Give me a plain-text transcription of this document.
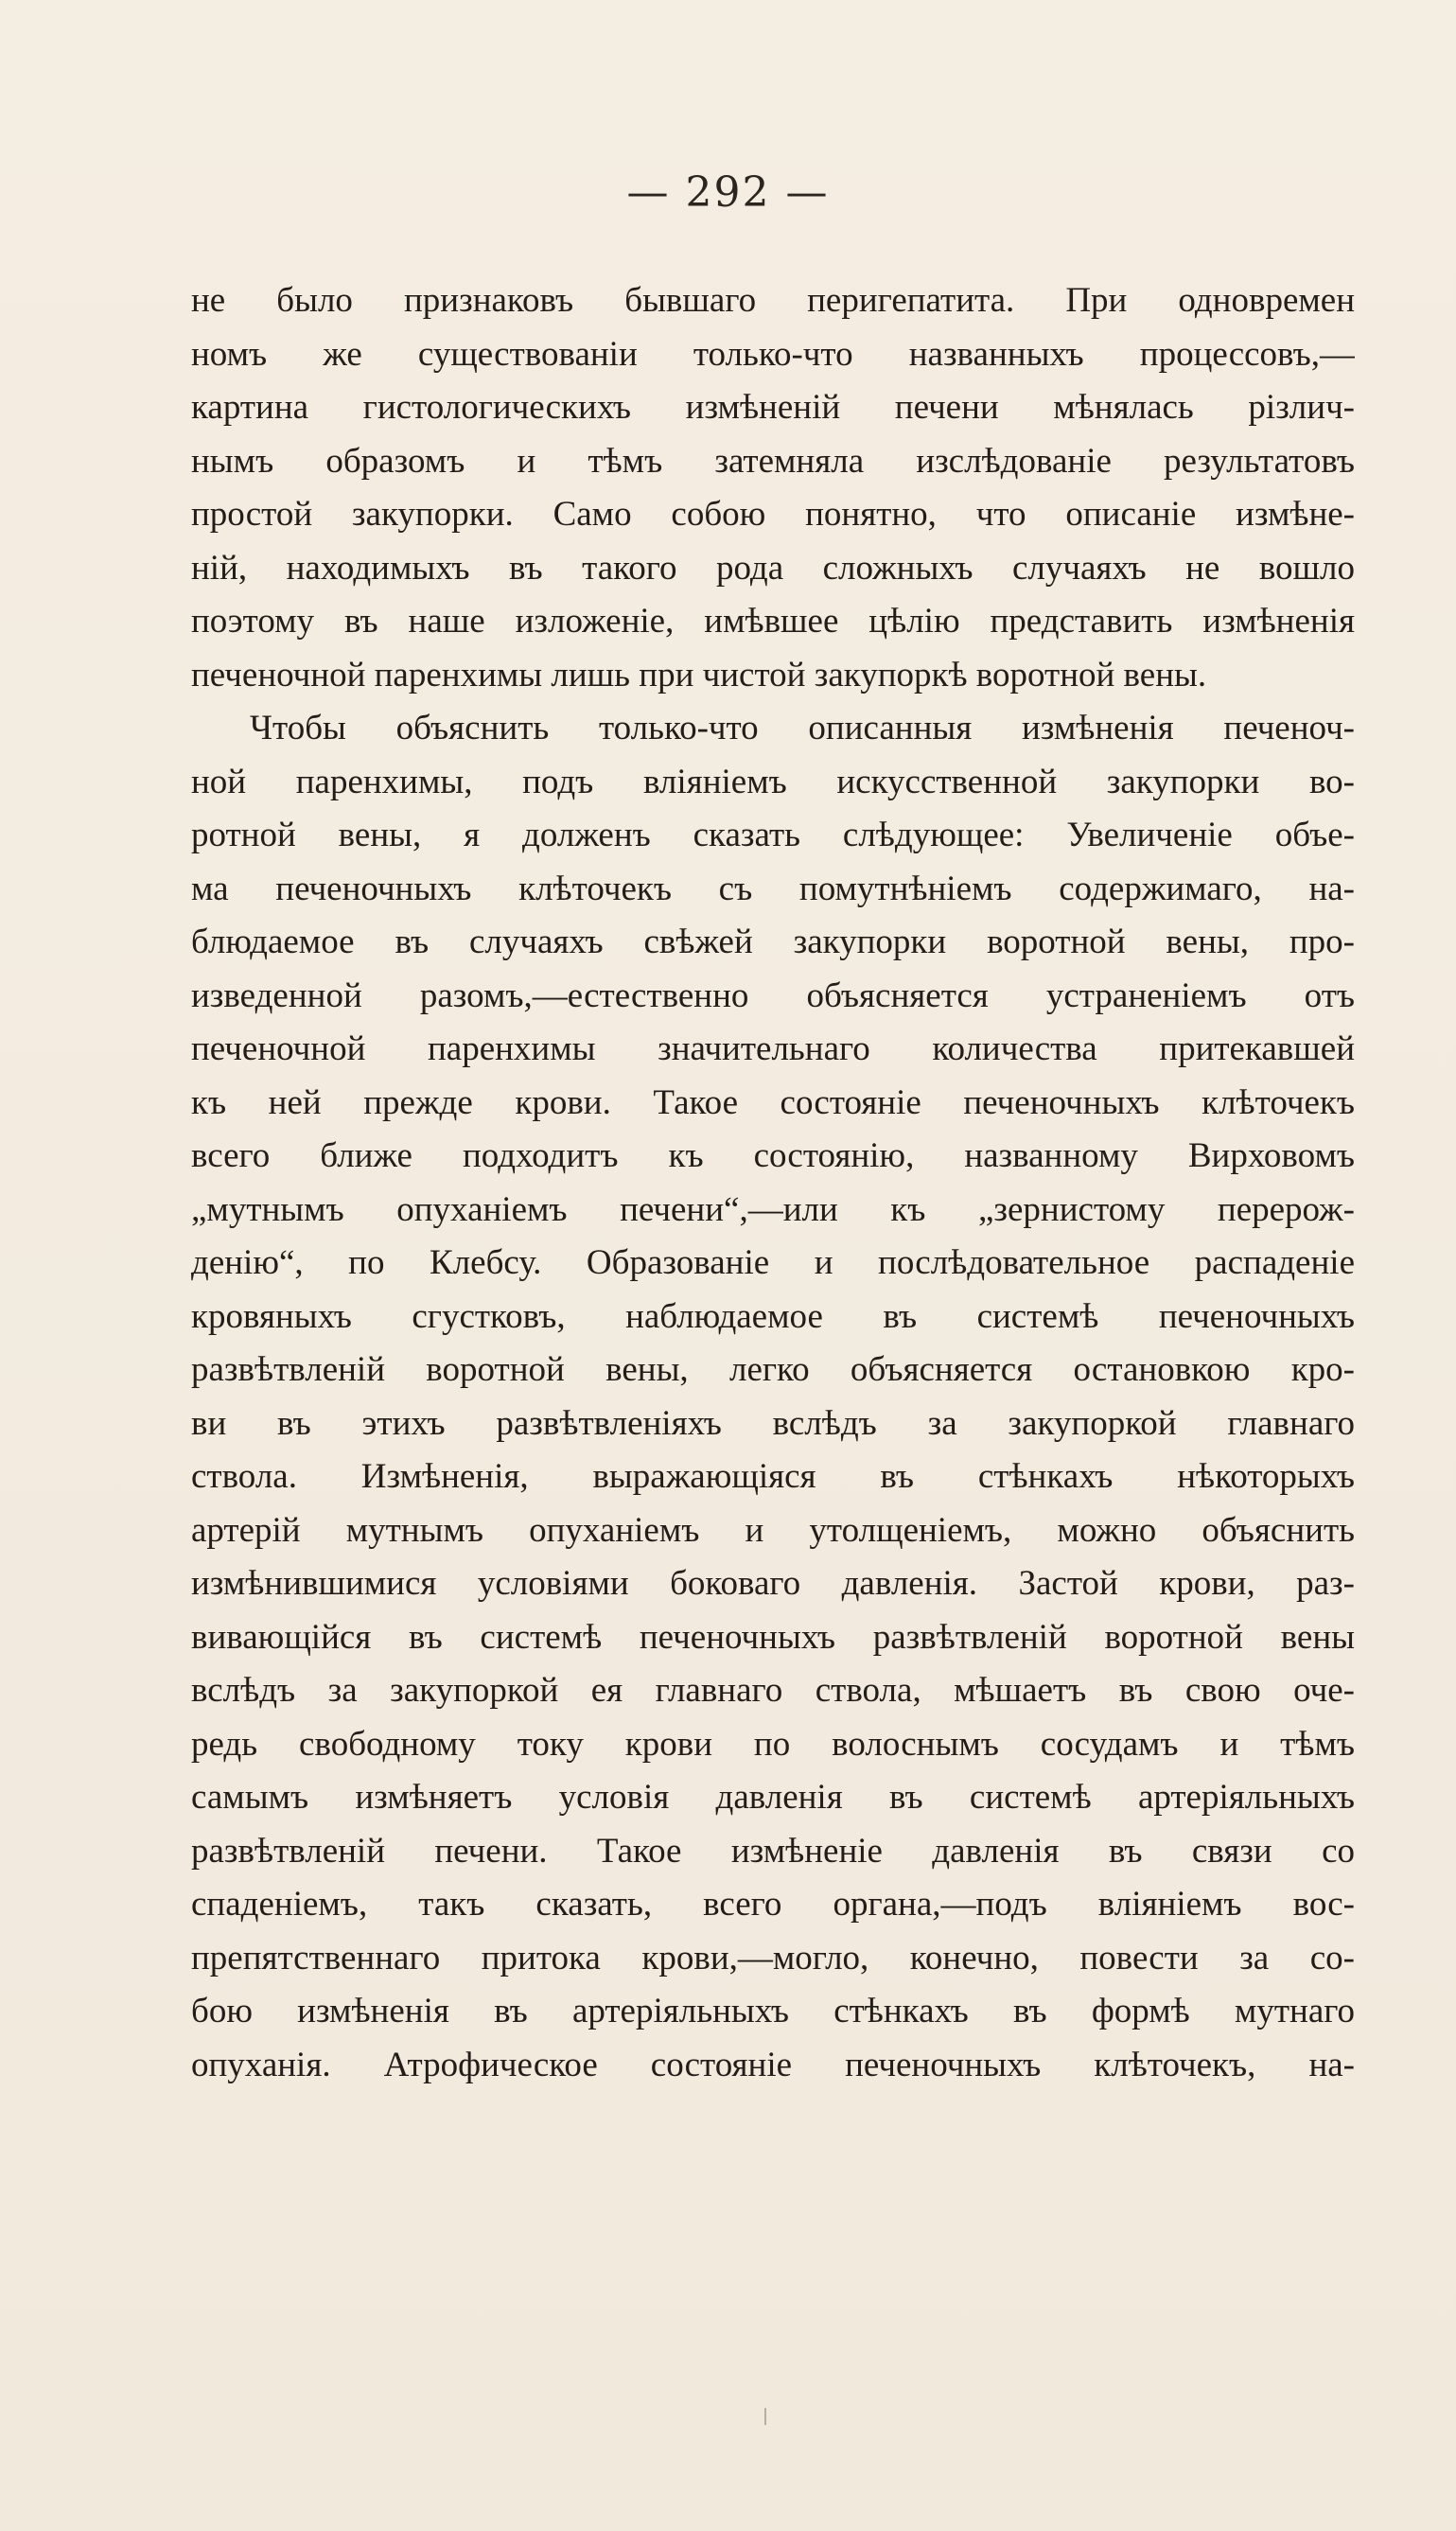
— 292 —
не было признаковъ бывшаго перигепатита. При одновремен
номъ же существованіи только-что названныхъ процессовъ,—
картина гистологическихъ измѣненій печени мѣнялась різлич-
нымъ образомъ и тѣмъ затемняла изслѣдованіе результатовъ
простой закупорки. Само собою понятно, что описаніе измѣне-
ній, находимыхъ въ такого рода сложныхъ случаяхъ не вошло
поэтому въ наше изложеніе, имѣвшее цѣлію представить измѣненія
печеночной паренхимы лишь при чистой закупоркѣ воротной вены.
Чтобы объяснить только-что описанныя измѣненія печеноч-
ной паренхимы, подъ вліяніемъ искусственной закупорки во-
ротной вены, я долженъ сказать слѣдующее: Увеличеніе объе-
ма печеночныхъ клѣточекъ съ помутнѣніемъ содержимаго, на-
блюдаемое въ случаяхъ свѣжей закупорки воротной вены, про-
изведенной разомъ,—естественно объясняется устраненіемъ отъ
печеночной паренхимы значительнаго количества притекавшей
къ ней прежде крови. Такое состояніе печеночныхъ клѣточекъ
всего ближе подходитъ къ состоянію, названному Вирховомъ
„мутнымъ опуханіемъ печени“,—или къ „зернистому перерож-
денію“, по Клебсу. Образованіе и послѣдовательное распаденіе
кровяныхъ сгустковъ, наблюдаемое въ системѣ печеночныхъ
развѣтвленій воротной вены, легко объясняется остановкою кро-
ви въ этихъ развѣтвленіяхъ вслѣдъ за закупоркой главнаго
ствола. Измѣненія, выражающіяся въ стѣнкахъ нѣкоторыхъ
артерій мутнымъ опуханіемъ и утолщеніемъ, можно объяснить
измѣнившимися условіями боковаго давленія. Застой крови, раз-
вивающійся въ системѣ печеночныхъ развѣтвленій воротной вены
вслѣдъ за закупоркой ея главнаго ствола, мѣшаетъ въ свою оче-
редь свободному току крови по волоснымъ сосудамъ и тѣмъ
самымъ измѣняетъ условія давленія въ системѣ артеріяльныхъ
развѣтвленій печени. Такое измѣненіе давленія въ связи со
спаденіемъ, такъ сказать, всего органа,—подъ вліяніемъ вос-
препятственнаго притока крови,—могло, конечно, повести за со-
бою измѣненія въ артеріяльныхъ стѣнкахъ въ формѣ мутнаго
опуханія. Атрофическое состояніе печеночныхъ клѣточекъ, на-
